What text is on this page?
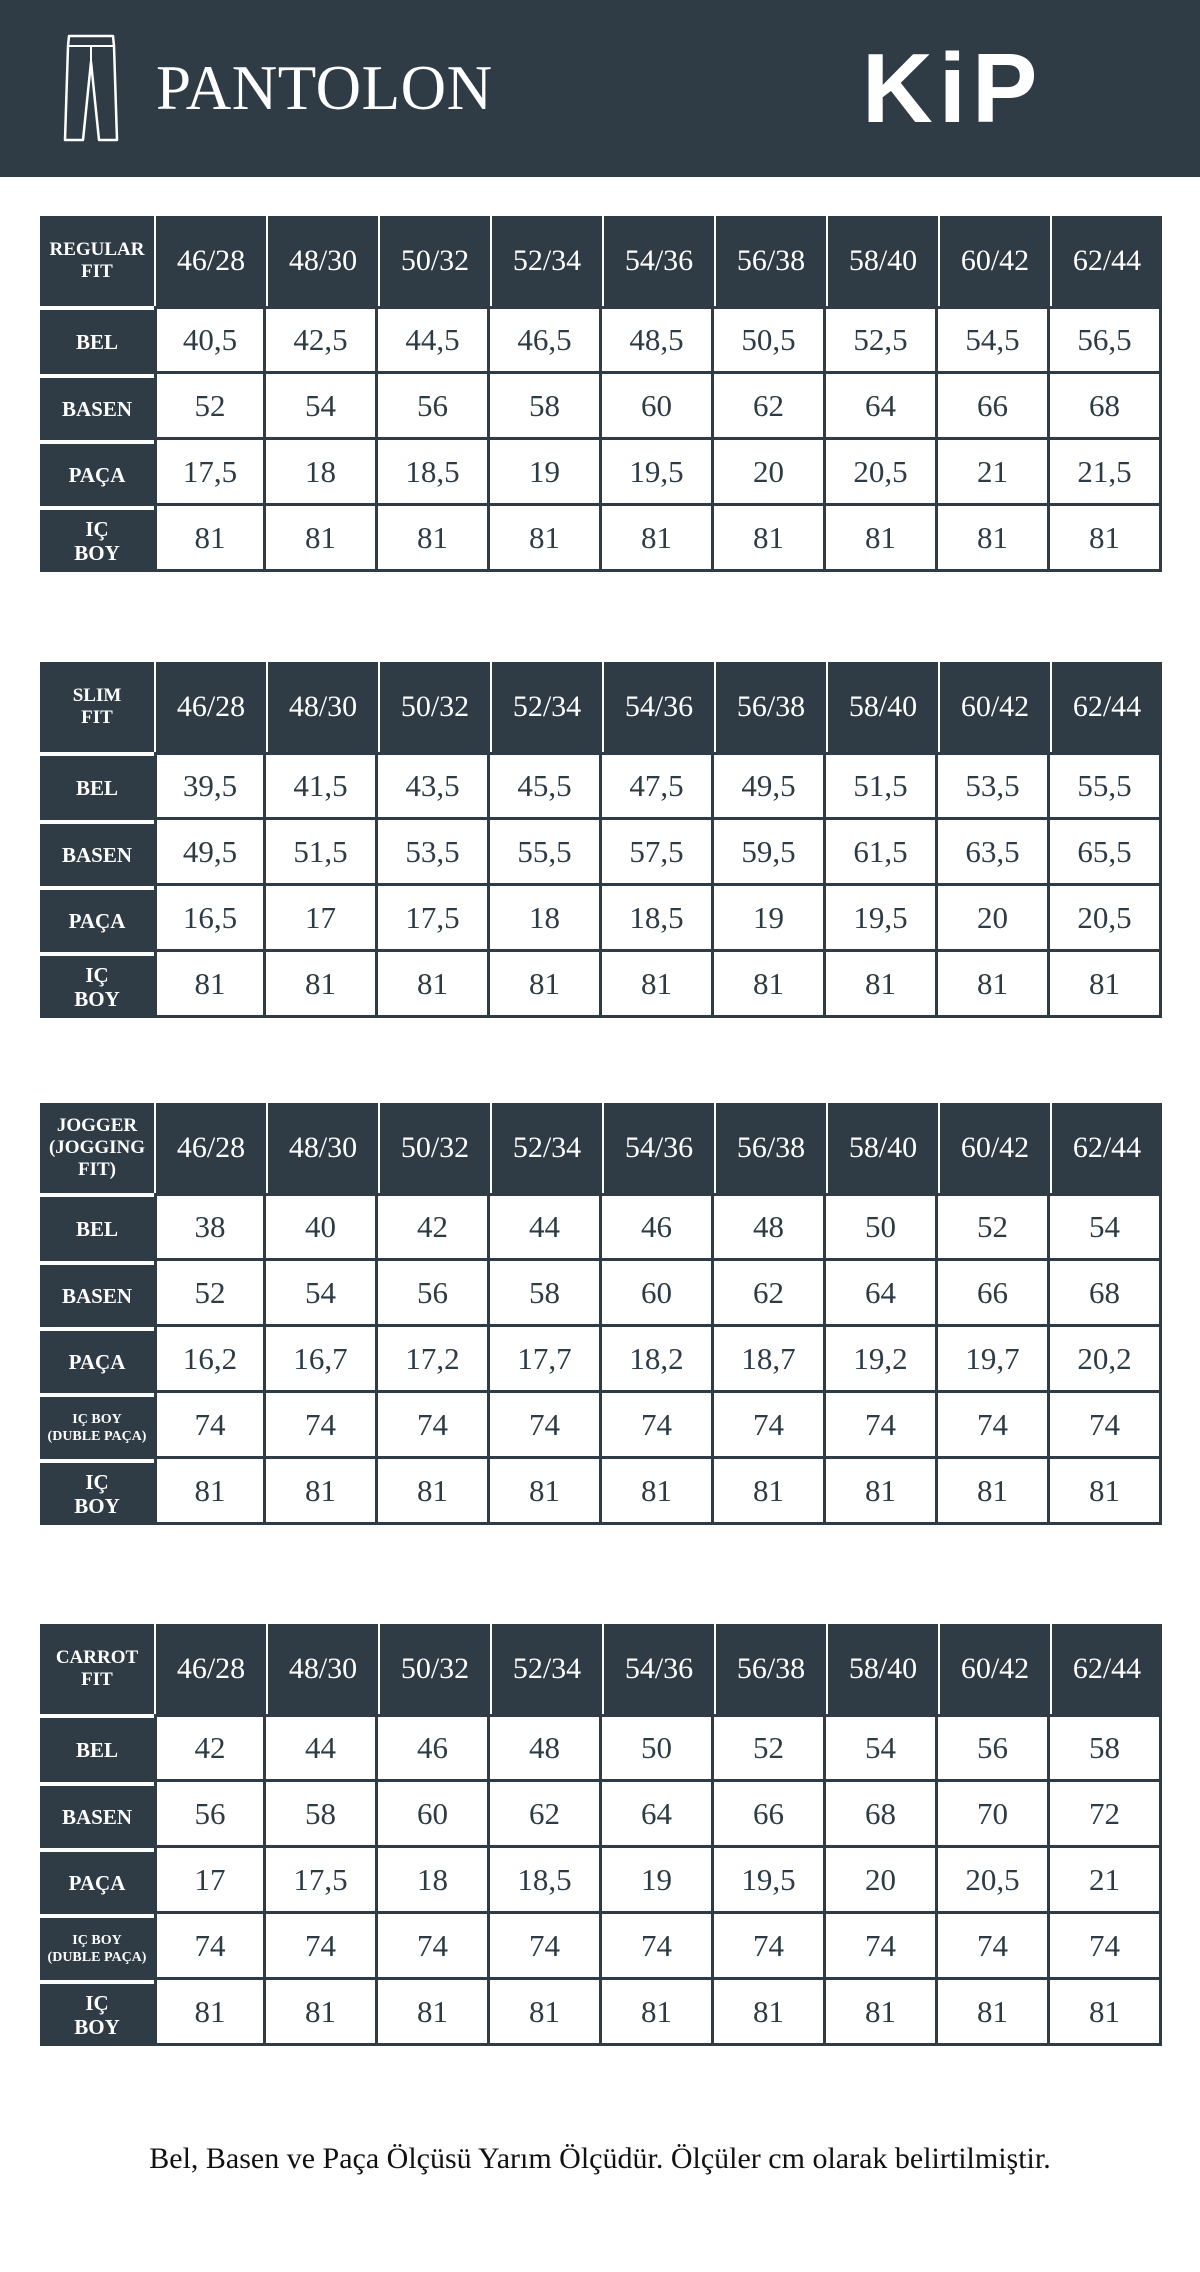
PANTOLON	KiP
REGULAR
FIT	46/28	48/30	50/32	52/34	54/36	56/38	58/40	60/42	62/44
BEL	40,5	42,5	44,5	46,5	48,5	50,5	52,5	54,5	56,5
BASEN	52	54	56	58	60	62	64	66	68
PAÇA	17,5	18	18,5	19	19,5	20	20,5	21	21,5
IÇ
BOY	81	81	81	81	81	81	81	81	81
SLIM
FIT	46/28	48/30	50/32	52/34	54/36	56/38	58/40	60/42	62/44
BEL	39,5	41,5	43,5	45,5	47,5	49,5	51,5	53,5	55,5
BASEN	49,5	51,5	53,5	55,5	57,5	59,5	61,5	63,5	65,5
PAÇA	16,5	17	17,5	18	18,5	19	19,5	20	20,5
IÇ
BOY	81	81	81	81	81	81	81	81	81
JOGGER
(JOGGING
FIT)	46/28	48/30	50/32	52/34	54/36	56/38	58/40	60/42	62/44
BEL	38	40	42	44	46	48	50	52	54
BASEN	52	54	56	58	60	62	64	66	68
PAÇA	16,2	16,7	17,2	17,7	18,2	18,7	19,2	19,7	20,2
IÇ BOY
(DUBLE PAÇA)	74	74	74	74	74	74	74	74	74
IÇ
BOY	81	81	81	81	81	81	81	81	81
CARROT
FIT	46/28	48/30	50/32	52/34	54/36	56/38	58/40	60/42	62/44
BEL	42	44	46	48	50	52	54	56	58
BASEN	56	58	60	62	64	66	68	70	72
PAÇA	17	17,5	18	18,5	19	19,5	20	20,5	21
IÇ BOY
(DUBLE PAÇA)	74	74	74	74	74	74	74	74	74
IÇ
BOY	81	81	81	81	81	81	81	81	81
Bel, Basen ve Paça Ölçüsü Yarım Ölçüdür. Ölçüler cm olarak belirtilmiştir.
